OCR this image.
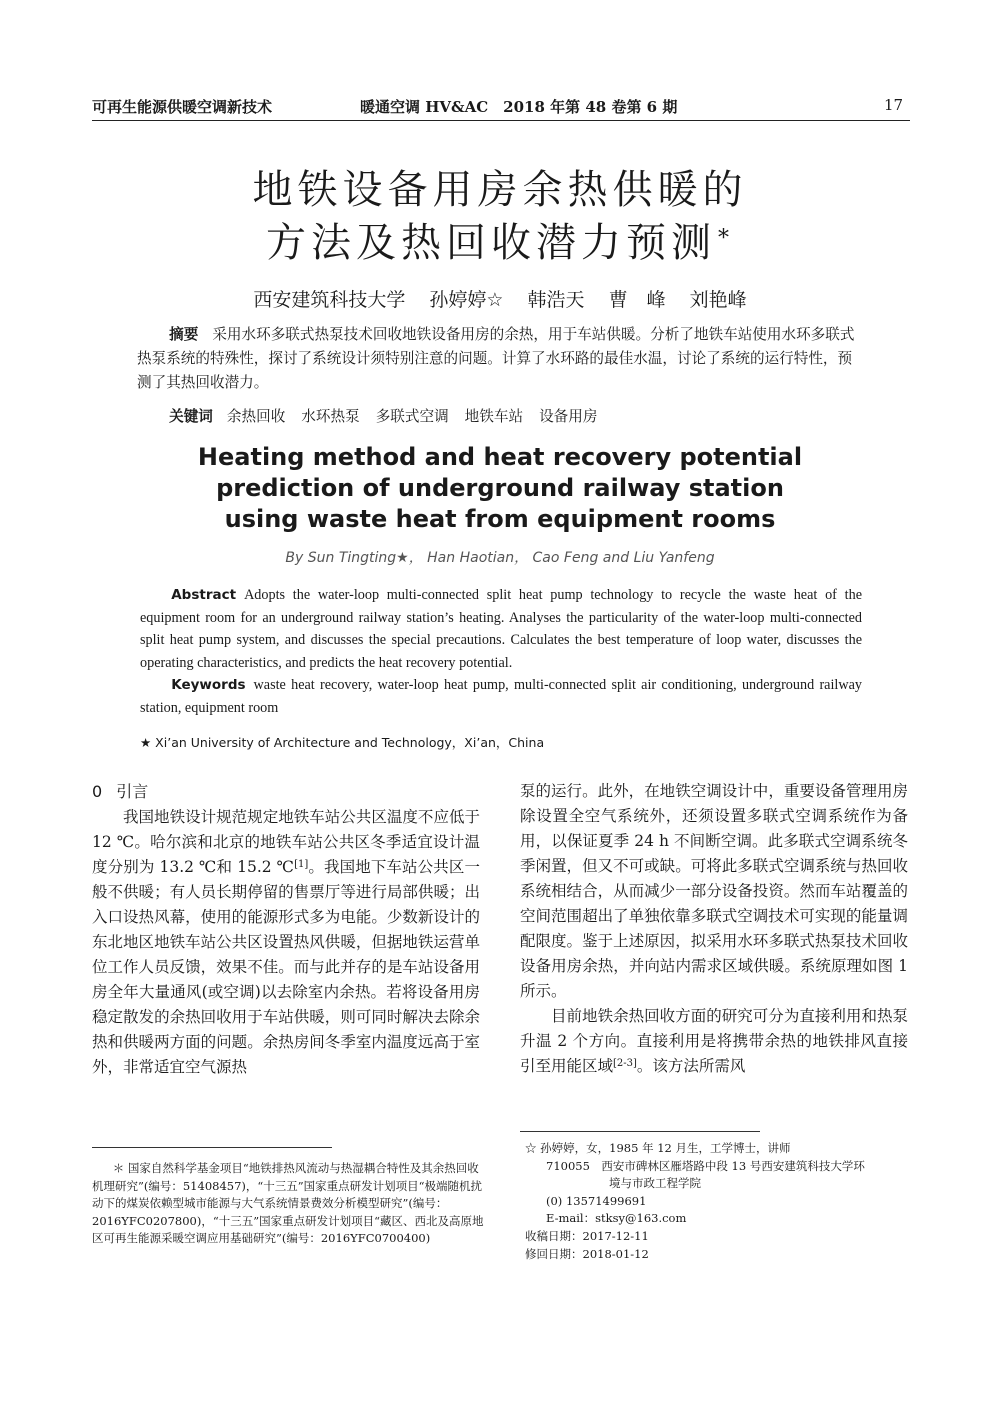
可再生能源供暖空调新技术	暖通空调 HV&AC　2018 年第 48 卷第 6 期	17
地铁设备用房余热供暖的
方法及热回收潜力预测*
西安建筑科技大学 孙婷婷☆ 韩浩天 曹　峰 刘艳峰
摘要 采用水环多联式热泵技术回收地铁设备用房的余热，用于车站供暖。分析了地铁车站使用水环多联式热泵系统的特殊性，探讨了系统设计须特别注意的问题。计算了水环路的最佳水温，讨论了系统的运行特性，预测了其热回收潜力。
关键词 余热回收 水环热泵 多联式空调 地铁车站 设备用房
Heating method and heat recovery potential
prediction of underground railway station
using waste heat from equipment rooms
By Sun Tingting★， Han Haotian， Cao Feng and Liu Yanfeng
Abstract Adopts the water-loop multi-connected split heat pump technology to recycle the waste heat of the equipment room for an underground railway station’s heating. Analyses the particularity of the water-loop multi-connected split heat pump system, and discusses the special precautions. Calculates the best temperature of loop water, discusses the operating characteristics, and predicts the heat recovery potential.
Keywords waste heat recovery, water-loop heat pump, multi-connected split air conditioning, underground railway station, equipment room
★ Xi’an University of Architecture and Technology，Xi’an，China
0 引言

我国地铁设计规范规定地铁车站公共区温度不应低于 12 ℃。哈尔滨和北京的地铁车站公共区冬季适宜设计温度分别为 13.2 ℃和 15.2 ℃[1]。我国地下车站公共区一般不供暖；有人员长期停留的售票厅等进行局部供暖；出入口设热风幕，使用的能源形式多为电能。少数新设计的东北地区地铁车站公共区设置热风供暖，但据地铁运营单位工作人员反馈，效果不佳。而与此并存的是车站设备用房全年大量通风(或空调)以去除室内余热。若将设备用房稳定散发的余热回收用于车站供暖，则可同时解决去除余热和供暖两方面的问题。余热房间冬季室内温度远高于室外，非常适宜空气源热

泵的运行。此外，在地铁空调设计中，重要设备管理用房除设置全空气系统外，还须设置多联式空调系统作为备用，以保证夏季 24 h 不间断空调。此多联式空调系统冬季闲置，但又不可或缺。可将此多联式空调系统与热回收系统相结合，从而减少一部分设备投资。然而车站覆盖的空间范围超出了单独依靠多联式空调技术可实现的能量调配限度。鉴于上述原因，拟采用水环多联式热泵技术回收设备用房余热，并向站内需求区域供暖。系统原理如图 1 所示。

目前地铁余热回收方面的研究可分为直接利用和热泵升温 2 个方向。直接利用是将携带余热的地铁排风直接引至用能区域[2-3]。该方法所需风

＊ 国家自然科学基金项目“地铁排热风流动与热湿耦合特性及其余热回收机理研究”(编号：51408457)，“十三五”国家重点研发计划项目“极端随机扰动下的煤炭依赖型城市能源与大气系统情景费效分析模型研究”(编号：2016YFC0207800)，“十三五”国家重点研发计划项目“藏区、西北及高原地区可再生能源采暖空调应用基础研究”(编号：2016YFC0700400)
☆ 孙婷婷，女，1985 年 12 月生，工学博士，讲师
710055　西安市碑林区雁塔路中段 13 号西安建筑科技大学环
境与市政工程学院
(0) 13571499691
E-mail：stksy@163.com
收稿日期：2017-12-11
修回日期：2018-01-12
